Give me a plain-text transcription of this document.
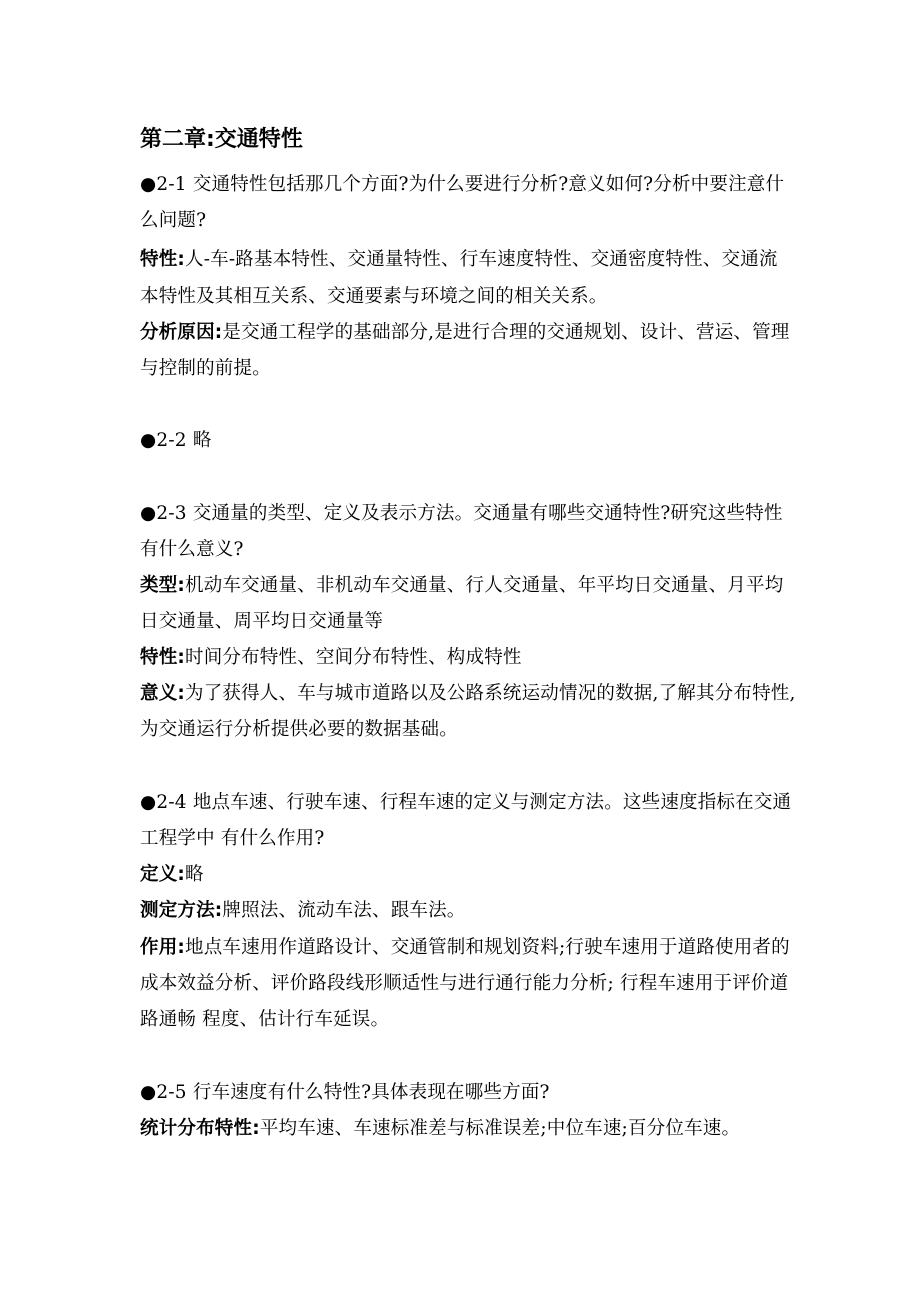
第二章:交通特性
●2-1 交通特性包括那几个方面?为什么要进行分析?意义如何?分析中要注意什
么问题?
特性:人-车-路基本特性、交通量特性、行车速度特性、交通密度特性、交通流
本特性及其相互关系、交通要素与环境之间的相关关系。
分析原因:是交通工程学的基础部分,是进行合理的交通规划、设计、营运、管理
与控制的前提。
●2-2 略
●2-3 交通量的类型、定义及表示方法。交通量有哪些交通特性?研究这些特性
有什么意义?
类型:机动车交通量、非机动车交通量、行人交通量、年平均日交通量、月平均
日交通量、周平均日交通量等
特性:时间分布特性、空间分布特性、构成特性
意义:为了获得人、车与城市道路以及公路系统运动情况的数据,了解其分布特性,
为交通运行分析提供必要的数据基础。
●2-4 地点车速、行驶车速、行程车速的定义与测定方法。这些速度指标在交通
工程学中 有什么作用?
定义:略
测定方法:牌照法、流动车法、跟车法。
作用:地点车速用作道路设计、交通管制和规划资料;行驶车速用于道路使用者的
成本效益分析、评价路段线形顺适性与进行通行能力分析; 行程车速用于评价道
路通畅 程度、估计行车延误。
●2-5 行车速度有什么特性?具体表现在哪些方面?
统计分布特性:平均车速、车速标准差与标准误差;中位车速;百分位车速。
